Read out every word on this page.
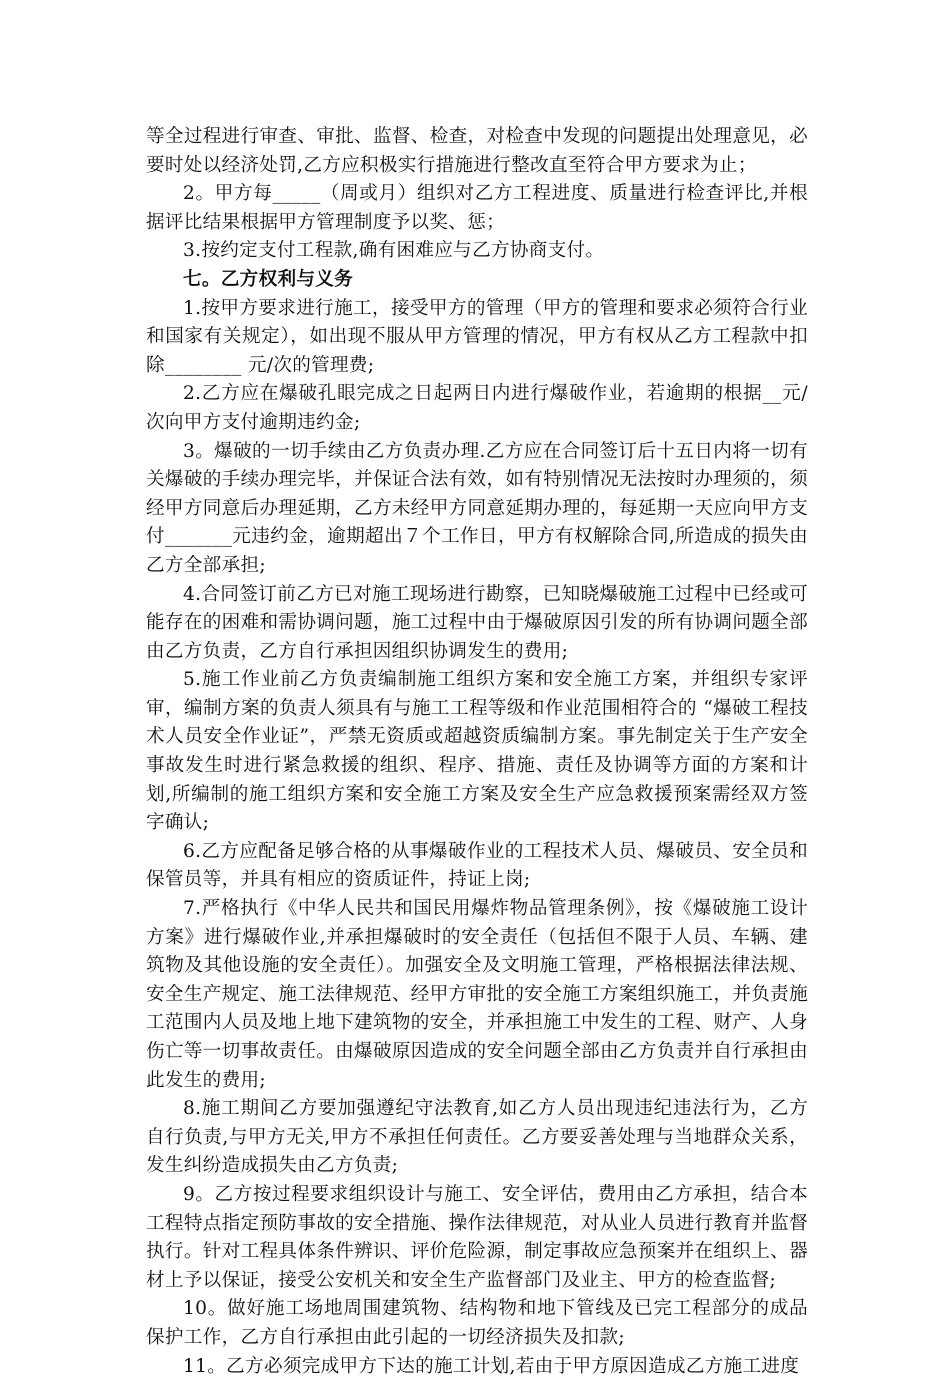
等全过程进行审查、审批、监督、检查，对检查中发现的问题提出处理意见，必要时处以经济处罚,乙方应积极实行措施进行整改直至符合甲方要求为止；

2。甲方每_____（周或月）组织对乙方工程进度、质量进行检查评比,并根据评比结果根据甲方管理制度予以奖、惩；

3.按约定支付工程款,确有困难应与乙方协商支付。

七。乙方权利与义务

1.按甲方要求进行施工，接受甲方的管理（甲方的管理和要求必须符合行业和国家有关规定），如出现不服从甲方管理的情况，甲方有权从乙方工程款中扣除________ 元/次的管理费;

2.乙方应在爆破孔眼完成之日起两日内进行爆破作业，若逾期的根据__元/次向甲方支付逾期违约金;

3。爆破的一切手续由乙方负责办理.乙方应在合同签订后十五日内将一切有关爆破的手续办理完毕，并保证合法有效，如有特别情况无法按时办理须的，须经甲方同意后办理延期，乙方未经甲方同意延期办理的，每延期一天应向甲方支付_______元违约金，逾期超出７个工作日，甲方有权解除合同,所造成的损失由乙方全部承担;

4.合同签订前乙方已对施工现场进行勘察，已知晓爆破施工过程中已经或可能存在的困难和需协调问题，施工过程中由于爆破原因引发的所有协调问题全部由乙方负责，乙方自行承担因组织协调发生的费用;

5.施工作业前乙方负责编制施工组织方案和安全施工方案，并组织专家评审，编制方案的负责人须具有与施工工程等级和作业范围相符合的 “爆破工程技术人员安全作业证”，严禁无资质或超越资质编制方案。事先制定关于生产安全事故发生时进行紧急救援的组织、程序、措施、责任及协调等方面的方案和计划,所编制的施工组织方案和安全施工方案及安全生产应急救援预案需经双方签字确认;

6.乙方应配备足够合格的从事爆破作业的工程技术人员、爆破员、安全员和保管员等，并具有相应的资质证件，持证上岗;

7.严格执行《中华人民共和国民用爆炸物品管理条例》，按《爆破施工设计方案》进行爆破作业,并承担爆破时的安全责任（包括但不限于人员、车辆、建筑物及其他设施的安全责任）。加强安全及文明施工管理，严格根据法律法规、安全生产规定、施工法律规范、经甲方审批的安全施工方案组织施工，并负责施工范围内人员及地上地下建筑物的安全，并承担施工中发生的工程、财产、人身伤亡等一切事故责任。由爆破原因造成的安全问题全部由乙方负责并自行承担由此发生的费用;

8.施工期间乙方要加强遵纪守法教育,如乙方人员出现违纪违法行为，乙方自行负责,与甲方无关,甲方不承担任何责任。乙方要妥善处理与当地群众关系，发生纠纷造成损失由乙方负责;

9。乙方按过程要求组织设计与施工、安全评估，费用由乙方承担，结合本工程特点指定预防事故的安全措施、操作法律规范，对从业人员进行教育并监督执行。针对工程具体条件辨识、评价危险源，制定事故应急预案并在组织上、器材上予以保证，接受公安机关和安全生产监督部门及业主、甲方的检查监督;

10。做好施工场地周围建筑物、结构物和地下管线及已完工程部分的成品保护工作，乙方自行承担由此引起的一切经济损失及扣款;

11。乙方必须完成甲方下达的施工计划,若由于甲方原因造成乙方施工进度
